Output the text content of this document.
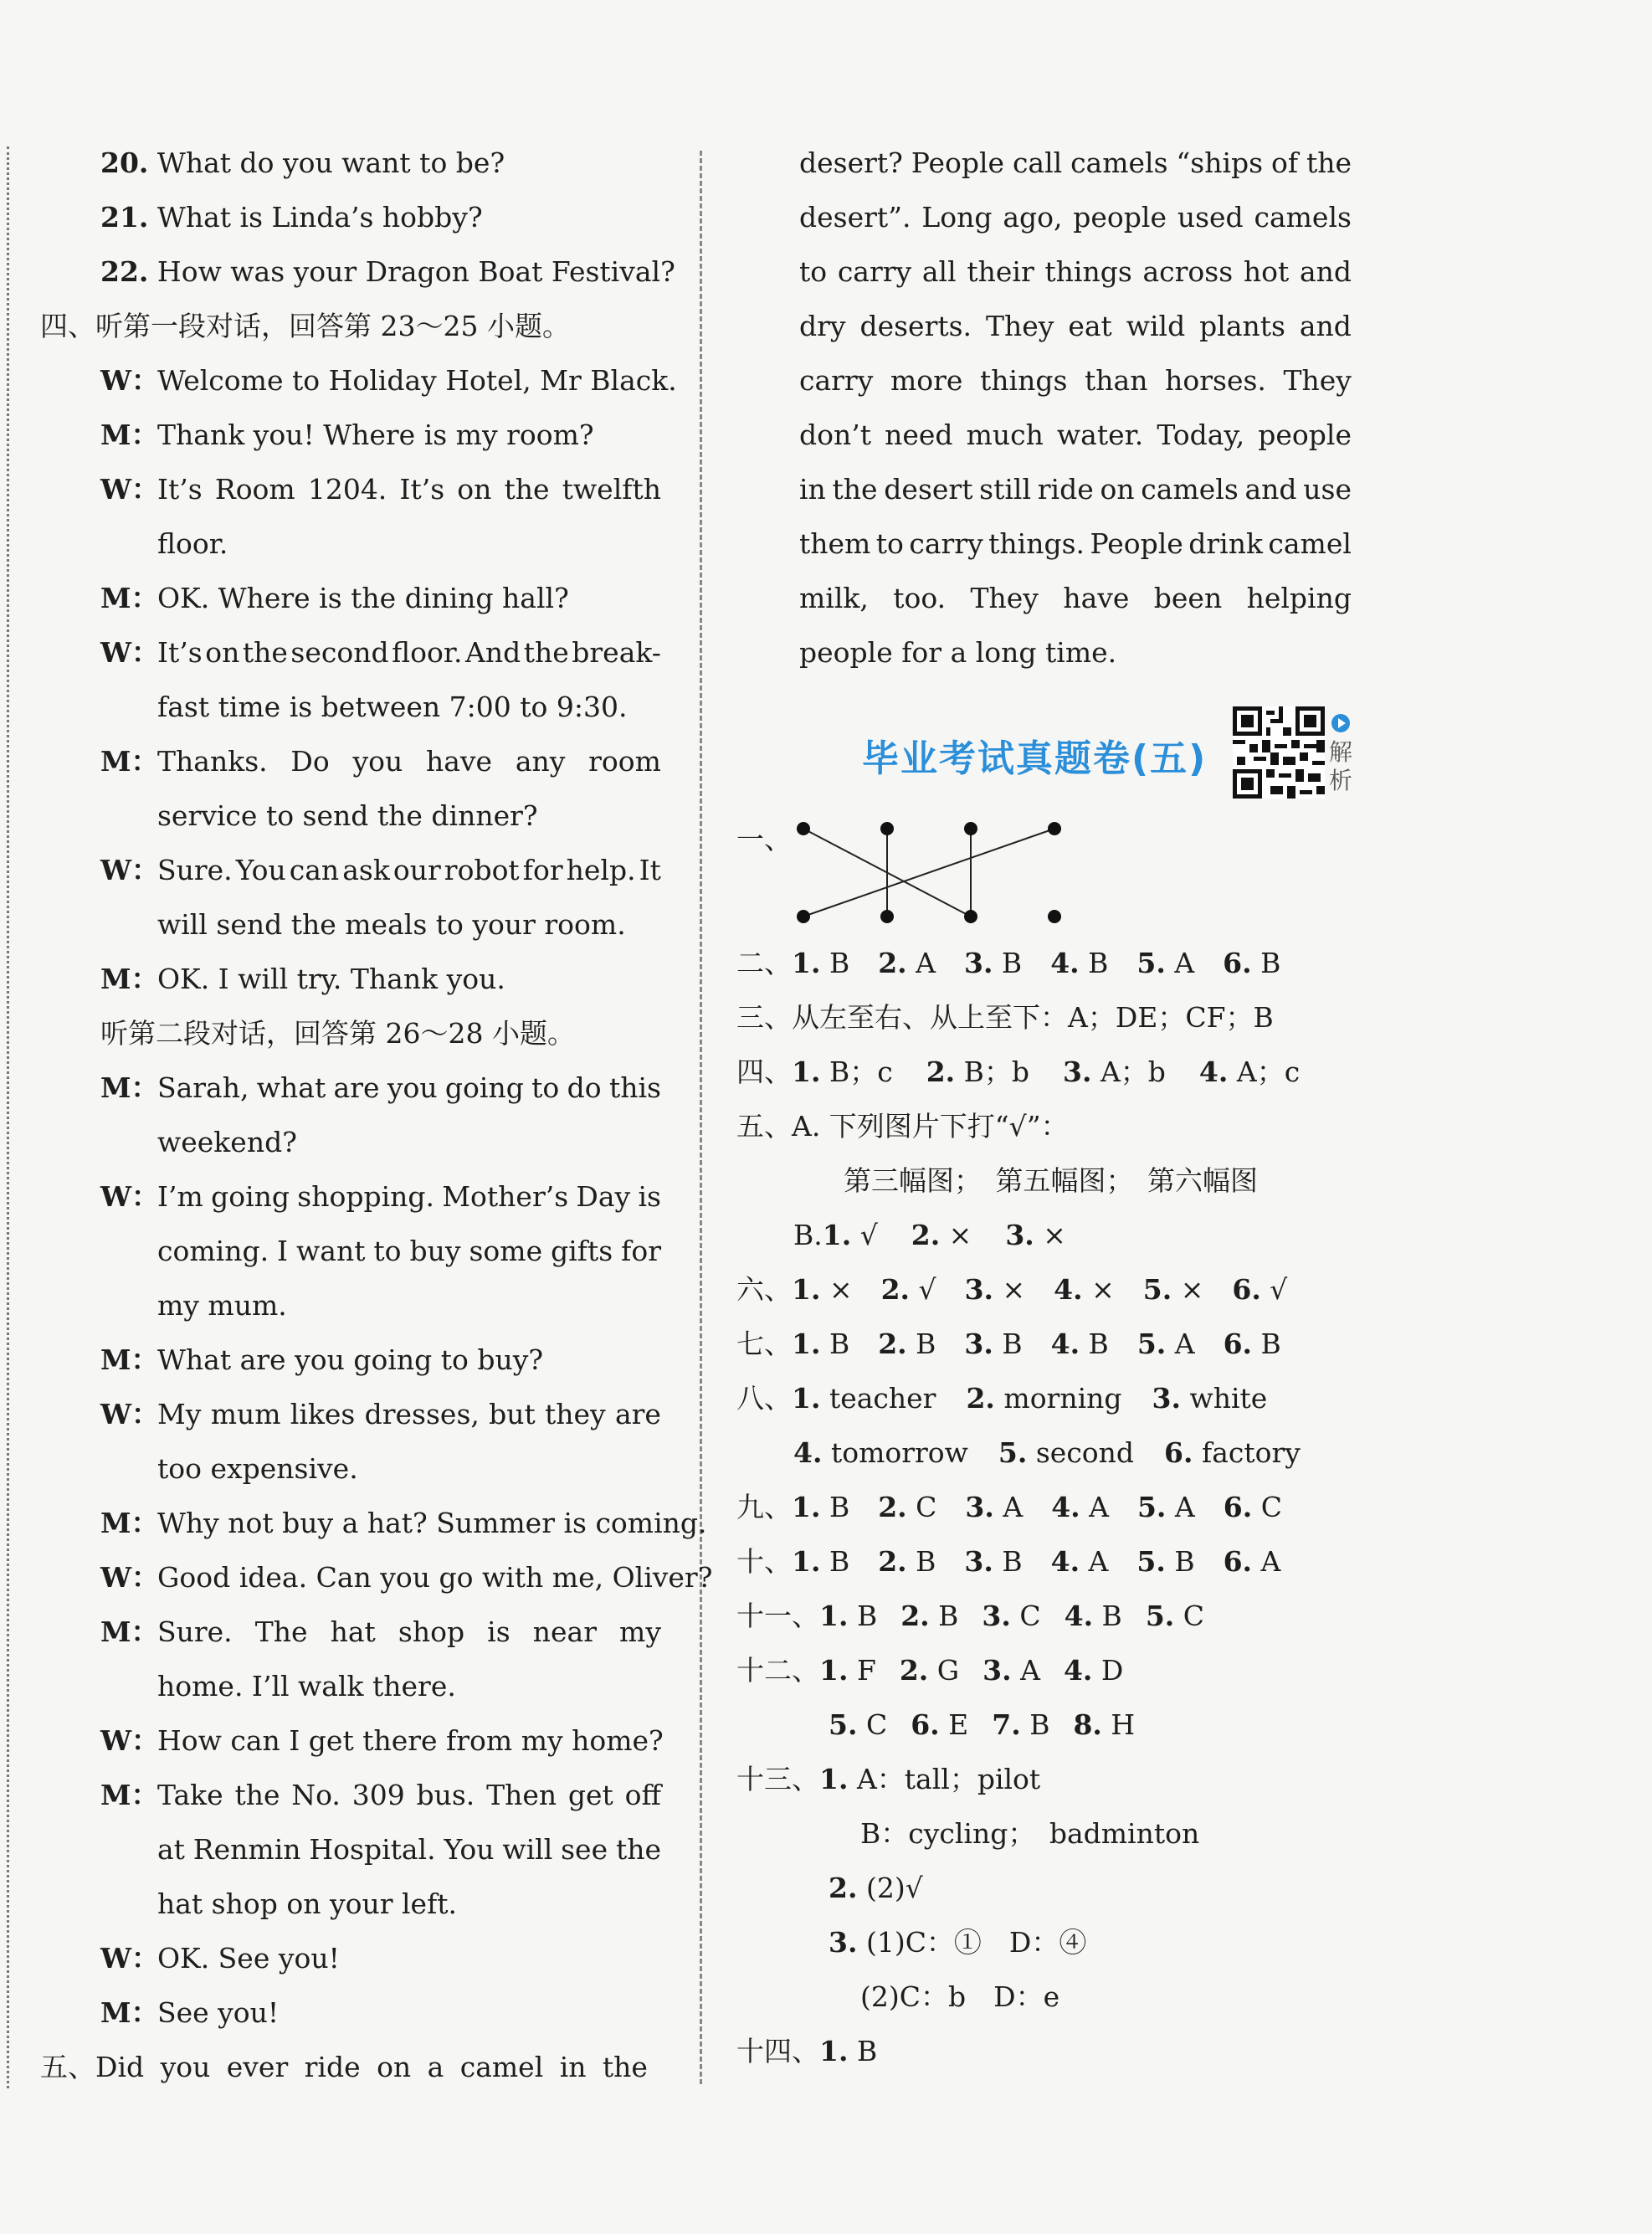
20. What do you want to be?
21. What is Linda’s hobby?
22. How was your Dragon Boat Festival?
四、听第一段对话，回答第 23～25 小题。
W：Welcome to Holiday Hotel, Mr Black.
M：Thank you! Where is my room?
W：
It’s Room 1204. It’s on the twelfth
floor.
M：OK. Where is the dining hall?
W：
It’s on the second floor. And the break-
fast time is between 7:00 to 9:30.
M：
Thanks. Do you have any room
service to send the dinner?
W：
Sure. You can ask our robot for help. It
will send the meals to your room.
M：OK. I will try. Thank you.
听第二段对话，回答第 26～28 小题。
M：
Sarah, what are you going to do this
weekend?
W：
I’m going shopping. Mother’s Day is
coming. I want to buy some gifts for
my mum.
M：What are you going to buy?
W：
My mum likes dresses, but they are
too expensive.
M：Why not buy a hat? Summer is coming.
W：Good idea. Can you go with me, Oliver?
M：
Sure. The hat shop is near my
home. I’ll walk there.
W：How can I get there from my home?
M：
Take the No. 309 bus. Then get off
at Renmin Hospital. You will see the
hat shop on your left.
W：OK. See you!
M：See you!
五、 Did you ever ride on a camel in the
desert? People call camels “ships of the
desert”. Long ago, people used camels
to carry all their things across hot and
dry deserts. They eat wild plants and
carry more things than horses. They
don’t need much water. Today, people
in the desert still ride on camels and use
them to carry things. People drink camel
milk, too. They have been helping
people for a long time.
毕业考试真题卷(五)	解析
一、
二、1. B 2. A 3. B 4. B 5. A 6. B
三、从左至右、从上至下：A；DE；CF；B
四、1. B；c 2. B；b 3. A；b 4. A；c
五、A. 下列图片下打“√”：
第三幅图；　第五幅图；　第六幅图
B.1. √ 2. × 3. ×
六、1. × 2. √ 3. × 4. × 5. × 6. √
七、1. B 2. B 3. B 4. B 5. A 6. B
八、1. teacher 2. morning 3. white
4. tomorrow 5. second 6. factory
九、1. B 2. C 3. A 4. A 5. A 6. C
十、1. B 2. B 3. B 4. A 5. B 6. A
十一、1. B 2. B 3. C 4. B 5. C
十二、1. F 2. G 3. A 4. D
5. C 6. E 7. B 8. H
十三、1. A：tall；pilot
B：cycling；　badminton
2. (2)√
3. (1)C：①　D：④
(2)C：b　D：e
十四、1. B
